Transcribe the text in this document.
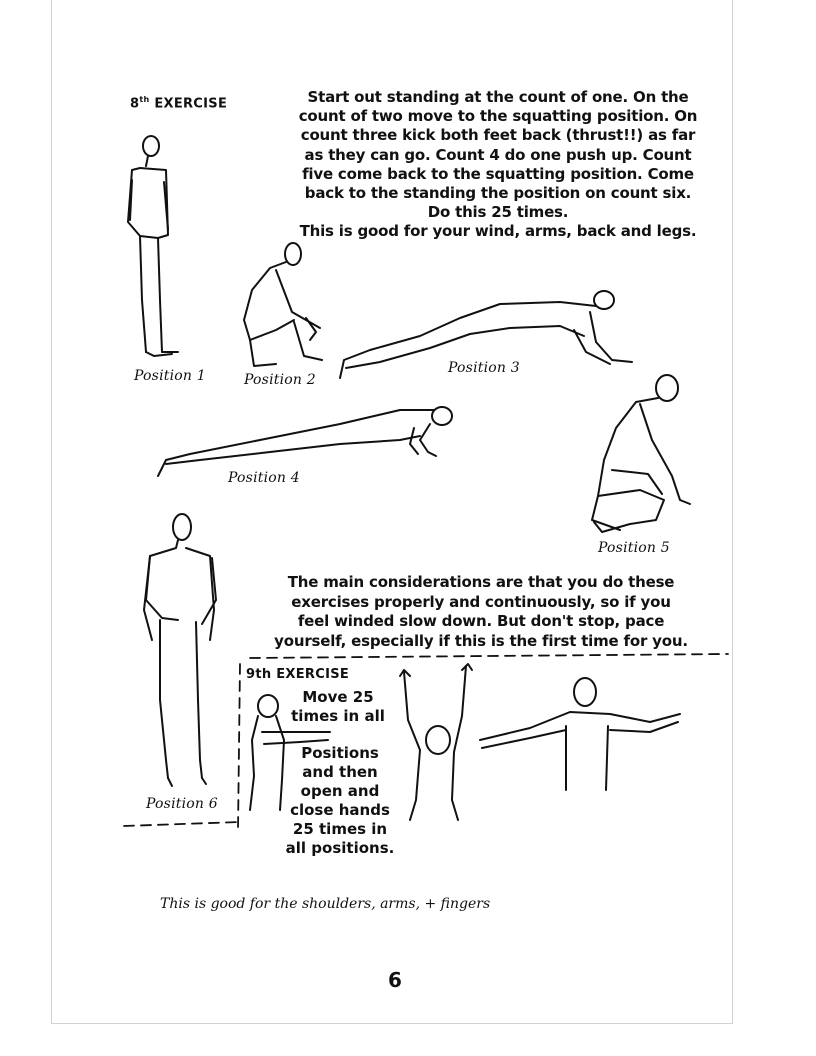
8th EXERCISE	Start out standing at the count of one. On the
count of two move to the squatting position. On
count three kick both feet back (thrust!!) as far
as they can go. Count 4 do one push up. Count
five come back to the squatting position. Come
back to the standing the position on count six.
Do this 25 times.
This is good for your wind, arms, back and legs.
Position 1	Position 2
Position 3
Position 4
Position 5
Position 6
The main considerations are that you do these
exercises properly and continuously, so if you
feel winded slow down. But don't stop, pace
yourself, especially if this is the first time for you.
9th EXERCISE
Move 25
times in all
Positions
and then
open and
close hands
25 times in
all positions.
This is good for the shoulders, arms, + fingers
6
